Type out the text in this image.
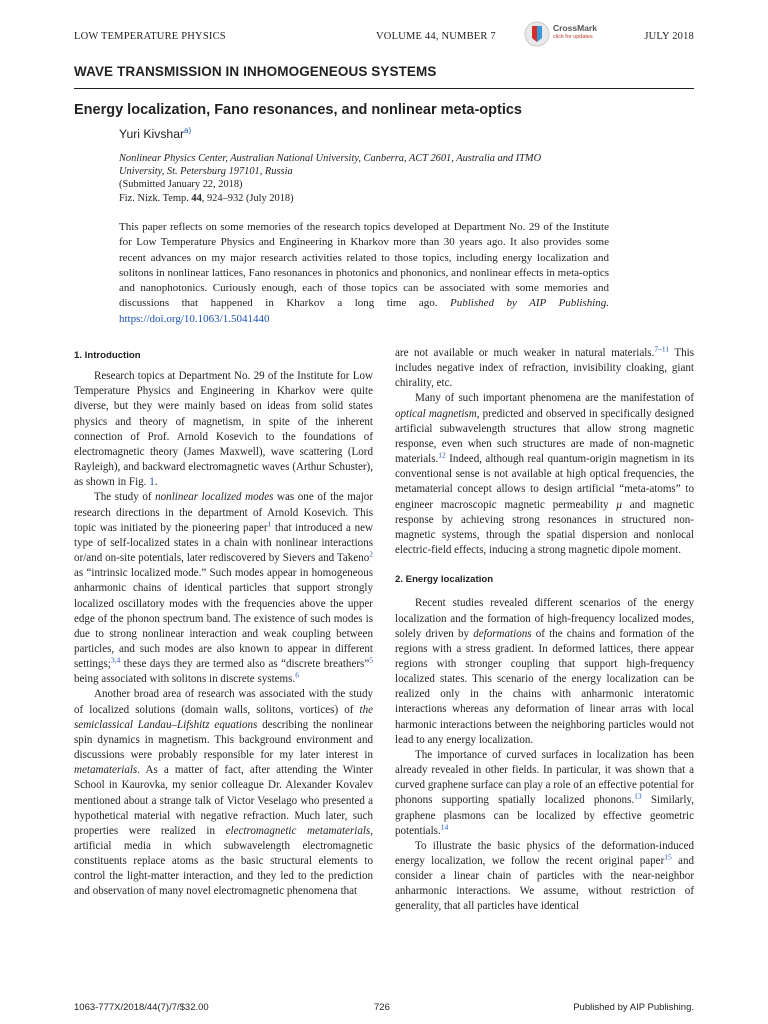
LOW TEMPERATURE PHYSICS	VOLUME 44, NUMBER 7	JULY 2018
CrossMark
click for updates
WAVE TRANSMISSION IN INHOMOGENEOUS SYSTEMS
Energy localization, Fano resonances, and nonlinear meta-optics
Yuri Kivshar$^{a)}$
Nonlinear Physics Center, Australian National University, Canberra, ACT 2601, Australia and ITMO
University, St. Petersburg 197101, Russia
(Submitted January 22, 2018)
Fiz. Nizk. Temp. 44, 924–932 (July 2018)
This paper reflects on some memories of the research topics developed at Department No. 29 of the Institute for Low Temperature Physics and Engineering in Kharkov more than 30 years ago. It also provides some recent advances on my major research activities related to those topics, including energy localization and solitons in nonlinear lattices, Fano resonances in photonics and phononics, and nonlinear effects in meta-optics and nanophotonics. Curiously enough, each of those topics can be associated with some memories and discussions that happened in Kharkov a long time ago. Published by AIP Publishing. https://doi.org/10.1063/1.5041440
1. Introduction

Research topics at Department No. 29 of the Institute for Low Temperature Physics and Engineering in Kharkov were quite diverse, but they were mainly based on ideas from solid states physics and theory of magnetism, in spite of the inherent connection of Prof. Arnold Kosevich to the foundations of electromagnetic theory (James Maxwell), wave scattering (Lord Rayleigh), and backward electromagnetic waves (Arthur Schuster), as shown in Fig. 1.

The study of nonlinear localized modes was one of the major research directions in the department of Arnold Kosevich. This topic was initiated by the pioneering paper$^1$ that introduced a new type of self-localized states in a chain with nonlinear interactions or/and on-site potentials, later rediscovered by Sievers and Takeno$^2$ as “intrinsic localized mode.” Such modes appear in homogeneous anharmonic chains of identical particles that support strongly localized oscillatory modes with the frequencies above the upper edge of the phonon spectrum band. The existence of such modes is due to strong nonlinear interaction and weak coupling between particles, and such modes are also known to appear in different settings;$^{3,4}$ these days they are termed also as “discrete breathers”$^5$ being associated with solitons in discrete systems.$^6$

Another broad area of research was associated with the study of localized solutions (domain walls, solitons, vortices) of the semiclassical Landau–Lifshitz equations describing the nonlinear spin dynamics in magnetism. This background environment and discussions were probably responsible for my later interest in metamaterials. As a matter of fact, after attending the Winter School in Kaurovka, my senior colleague Dr. Alexander Kovalev mentioned about a strange talk of Victor Veselago who presented a hypothetical material with negative refraction. Much later, such properties were realized in electromagnetic metamaterials, artificial media in which subwavelength electromagnetic constituents replace atoms as the basic structural elements to control the light-matter interaction, and they led to the prediction and observation of many novel electromagnetic phenomena that

are not available or much weaker in natural materials.$^{7-11}$ This includes negative index of refraction, invisibility cloaking, giant chirality, etc.

Many of such important phenomena are the manifestation of optical magnetism, predicted and observed in specifically designed artificial subwavelength structures that allow strong magnetic response, even when such structures are made of non-magnetic materials.$^{12}$ Indeed, although real quantum-origin magnetism in its conventional sense is not available at high optical frequencies, the metamaterial concept allows to design artificial “meta-atoms” to engineer macroscopic magnetic permeability μ and magnetic response by achieving strong resonances in structured non-magnetic systems, through the spatial dispersion and nonlocal electric-field effects, inducing a strong magnetic dipole moment.

2. Energy localization

Recent studies revealed different scenarios of the energy localization and the formation of high-frequency localized modes, solely driven by deformations of the chains and formation of the regions with a stress gradient. In deformed lattices, there appear regions with stronger coupling that support high-frequency localized states. This scenario of the energy localization can be realized only in the chains with anharmonic interatomic interactions whereas any deformation of linear arras with local harmonic interactions between the neighboring particles would not lead to any energy localization.

The importance of curved surfaces in localization has been already revealed in other fields. In particular, it was shown that a curved graphene surface can play a role of an effective potential for phonons supporting spatially localized phonons.$^{13}$ Similarly, graphene plasmons can be localized by effective geometric potentials.$^{14}$

To illustrate the basic physics of the deformation-induced energy localization, we follow the recent original paper$^{15}$ and consider a linear chain of particles with the near-neighbor anharmonic interactions. We assume, without restriction of generality, that all particles have identical

1063-777X/2018/44(7)/7/$32.00	726	Published by AIP Publishing.
